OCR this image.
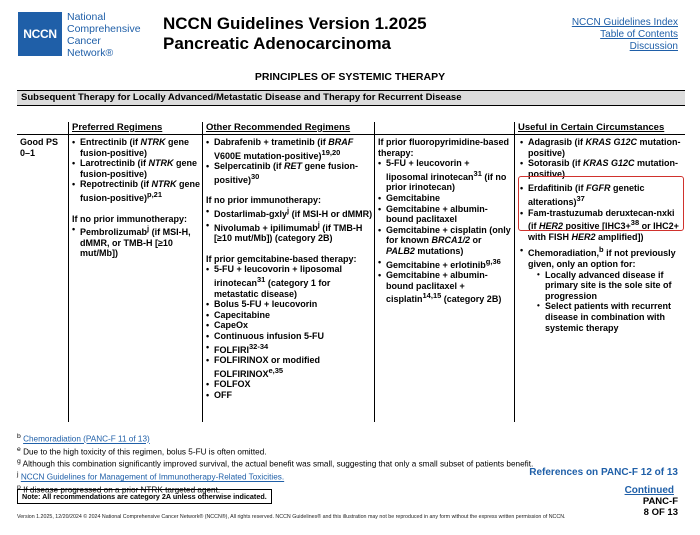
NCCN
National
Comprehensive
Cancer
Network®
NCCN Guidelines Version 1.2025
Pancreatic Adenocarcinoma
NCCN Guidelines Index
Table of Contents
Discussion
PRINCIPLES OF SYSTEMIC THERAPY
Subsequent Therapy for Locally Advanced/Metastatic Disease and Therapy for Recurrent Disease
Preferred Regimens	Other Recommended Regimens	Useful in Certain Circumstances
Good PS
0–1
• Entrectinib (if NTRK gene fusion-positive)
• Larotrectinib (if NTRK gene fusion-positive)
• Repotrectinib (if NTRK gene fusion-positive)$^{p,21}$
If no prior immunotherapy:
• Pembrolizumab$^j$ (if MSI-H, dMMR, or TMB-H [≥10 mut/Mb])
• Dabrafenib + trametinib (if BRAF V600E mutation-positive)$^{19,20}$
• Selpercatinib (if RET gene fusion-positive)$^{30}$
If no prior immunotherapy:
• Dostarlimab-gxly$^j$ (if MSI-H or dMMR)
• Nivolumab + ipilimumab$^j$ (if TMB-H [≥10 mut/Mb]) (category 2B)
If prior gemcitabine-based therapy:
• 5-FU + leucovorin + liposomal irinotecan$^{31}$ (category 1 for metastatic disease)
• Bolus 5-FU + leucovorin
• Capecitabine
• CapeOx
• Continuous infusion 5-FU
• FOLFIRI$^{32-34}$
• FOLFIRINOX or modified FOLFIRINOX$^{e,35}$
• FOLFOX
• OFF
If prior fluoropyrimidine-based therapy:
• 5-FU + leucovorin + liposomal irinotecan$^{31}$ (if no prior irinotecan)
• Gemcitabine
• Gemcitabine + albumin-bound paclitaxel
• Gemcitabine + cisplatin (only for known BRCA1/2 or PALB2 mutations)
• Gemcitabine + erlotinib$^{g,36}$
• Gemcitabine + albumin-bound paclitaxel + cisplatin$^{14,15}$ (category 2B)
• Adagrasib (if KRAS G12C mutation-positive)
• Sotorasib (if KRAS G12C mutation-positive)
• Erdafitinib (if FGFR genetic alterations)$^{37}$
• Fam-trastuzumab deruxtecan-nxki (if HER2 positive [IHC3+$^{38}$ or IHC2+ with FISH HER2 amplified])
• Chemoradiation,$^b$ if not previously given, only an option for:
• Locally advanced disease if primary site is the sole site of progression
• Select patients with recurrent disease in combination with systemic therapy
$^b$ Chemoradiation (PANC-F 11 of 13)
$^e$ Due to the high toxicity of this regimen, bolus 5-FU is often omitted.
$^g$ Although this combination significantly improved survival, the actual benefit was small, suggesting that only a small subset of patients benefit.
$^j$ NCCN Guidelines for Management of Immunotherapy-Related Toxicities.
$^p$ If disease progressed on a prior NTRK targeted agent.
Note: All recommendations are category 2A unless otherwise indicated.
References on PANC-F 12 of 13
Continued
PANC-F
8 OF 13
Version 1.2025, 12/20/2024 © 2024 National Comprehensive Cancer Network® (NCCN®), All rights reserved. NCCN Guidelines® and this illustration may not be reproduced in any form without the express written permission of NCCN.
